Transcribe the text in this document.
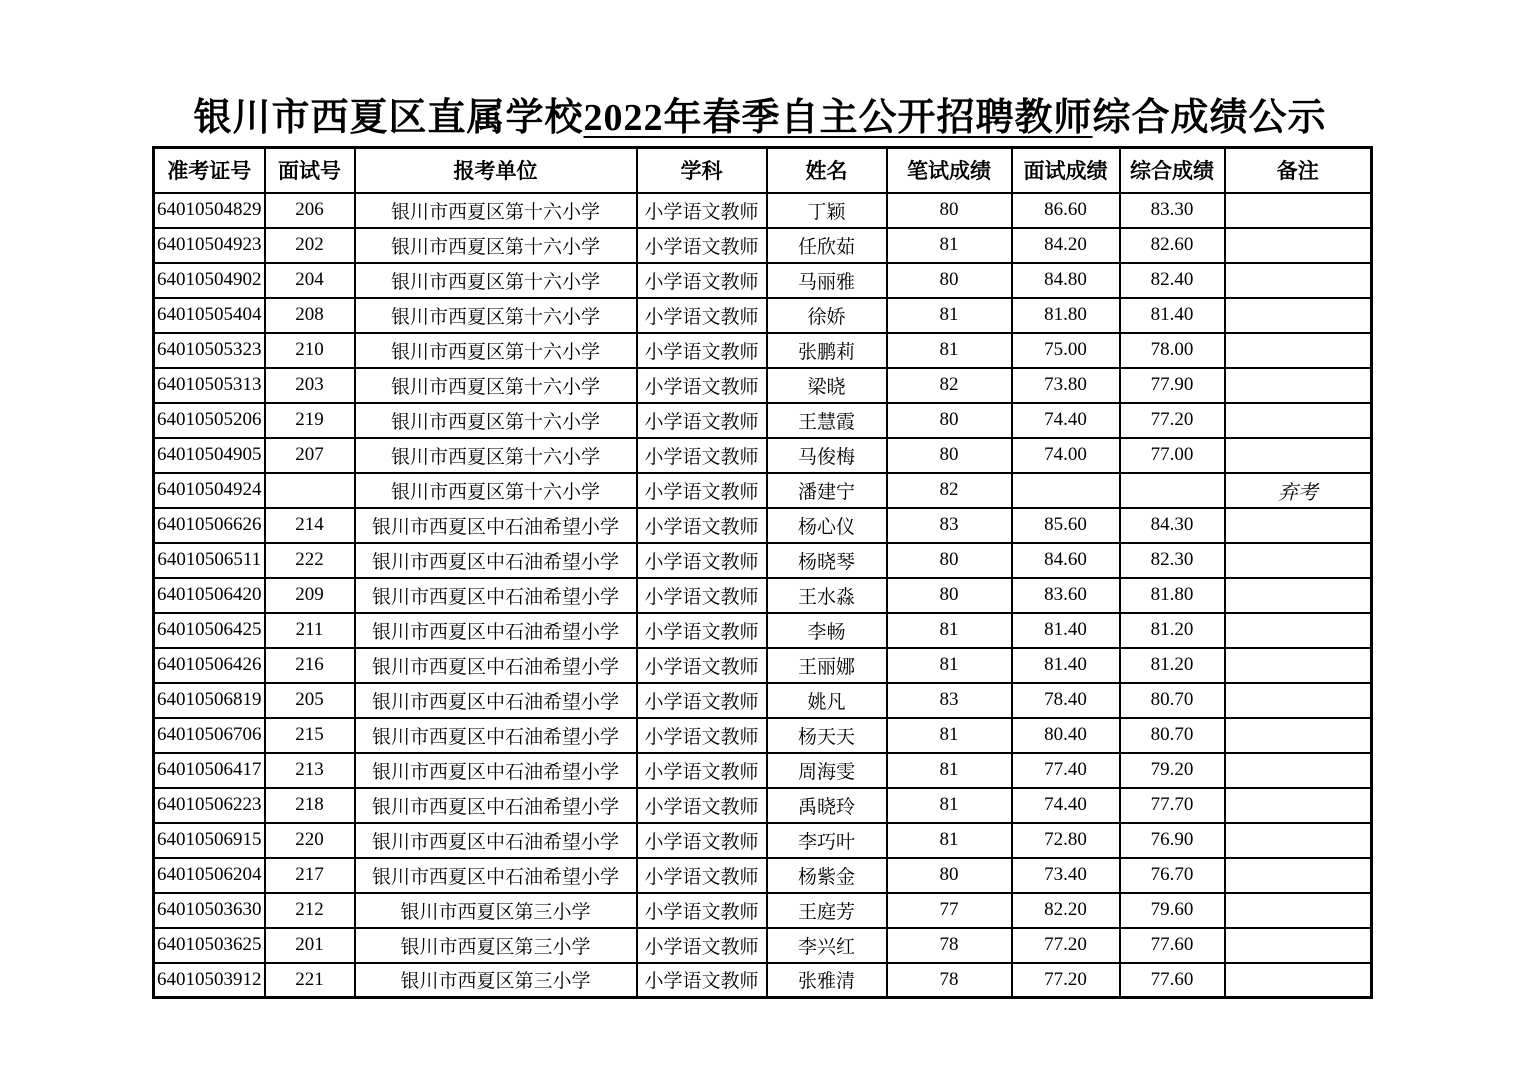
银川市西夏区直属学校2022年春季自主公开招聘教师综合成绩公示
准考证号	面试号	报考单位	学科	姓名	笔试成绩	面试成绩	综合成绩	备注
64010504829	206	银川市西夏区第十六小学	小学语文教师	丁颖	80	86.60	83.30	
64010504923	202	银川市西夏区第十六小学	小学语文教师	任欣茹	81	84.20	82.60	
64010504902	204	银川市西夏区第十六小学	小学语文教师	马丽雅	80	84.80	82.40	
64010505404	208	银川市西夏区第十六小学	小学语文教师	徐娇	81	81.80	81.40	
64010505323	210	银川市西夏区第十六小学	小学语文教师	张鹏莉	81	75.00	78.00	
64010505313	203	银川市西夏区第十六小学	小学语文教师	梁晓	82	73.80	77.90	
64010505206	219	银川市西夏区第十六小学	小学语文教师	王慧霞	80	74.40	77.20	
64010504905	207	银川市西夏区第十六小学	小学语文教师	马俊梅	80	74.00	77.00	
64010504924		银川市西夏区第十六小学	小学语文教师	潘建宁	82			弃考
64010506626	214	银川市西夏区中石油希望小学	小学语文教师	杨心仪	83	85.60	84.30	
64010506511	222	银川市西夏区中石油希望小学	小学语文教师	杨晓琴	80	84.60	82.30	
64010506420	209	银川市西夏区中石油希望小学	小学语文教师	王水淼	80	83.60	81.80	
64010506425	211	银川市西夏区中石油希望小学	小学语文教师	李畅	81	81.40	81.20	
64010506426	216	银川市西夏区中石油希望小学	小学语文教师	王丽娜	81	81.40	81.20	
64010506819	205	银川市西夏区中石油希望小学	小学语文教师	姚凡	83	78.40	80.70	
64010506706	215	银川市西夏区中石油希望小学	小学语文教师	杨天天	81	80.40	80.70	
64010506417	213	银川市西夏区中石油希望小学	小学语文教师	周海雯	81	77.40	79.20	
64010506223	218	银川市西夏区中石油希望小学	小学语文教师	禹晓玲	81	74.40	77.70	
64010506915	220	银川市西夏区中石油希望小学	小学语文教师	李巧叶	81	72.80	76.90	
64010506204	217	银川市西夏区中石油希望小学	小学语文教师	杨紫金	80	73.40	76.70	
64010503630	212	银川市西夏区第三小学	小学语文教师	王庭芳	77	82.20	79.60	
64010503625	201	银川市西夏区第三小学	小学语文教师	李兴红	78	77.20	77.60	
64010503912	221	银川市西夏区第三小学	小学语文教师	张雅清	78	77.20	77.60	
